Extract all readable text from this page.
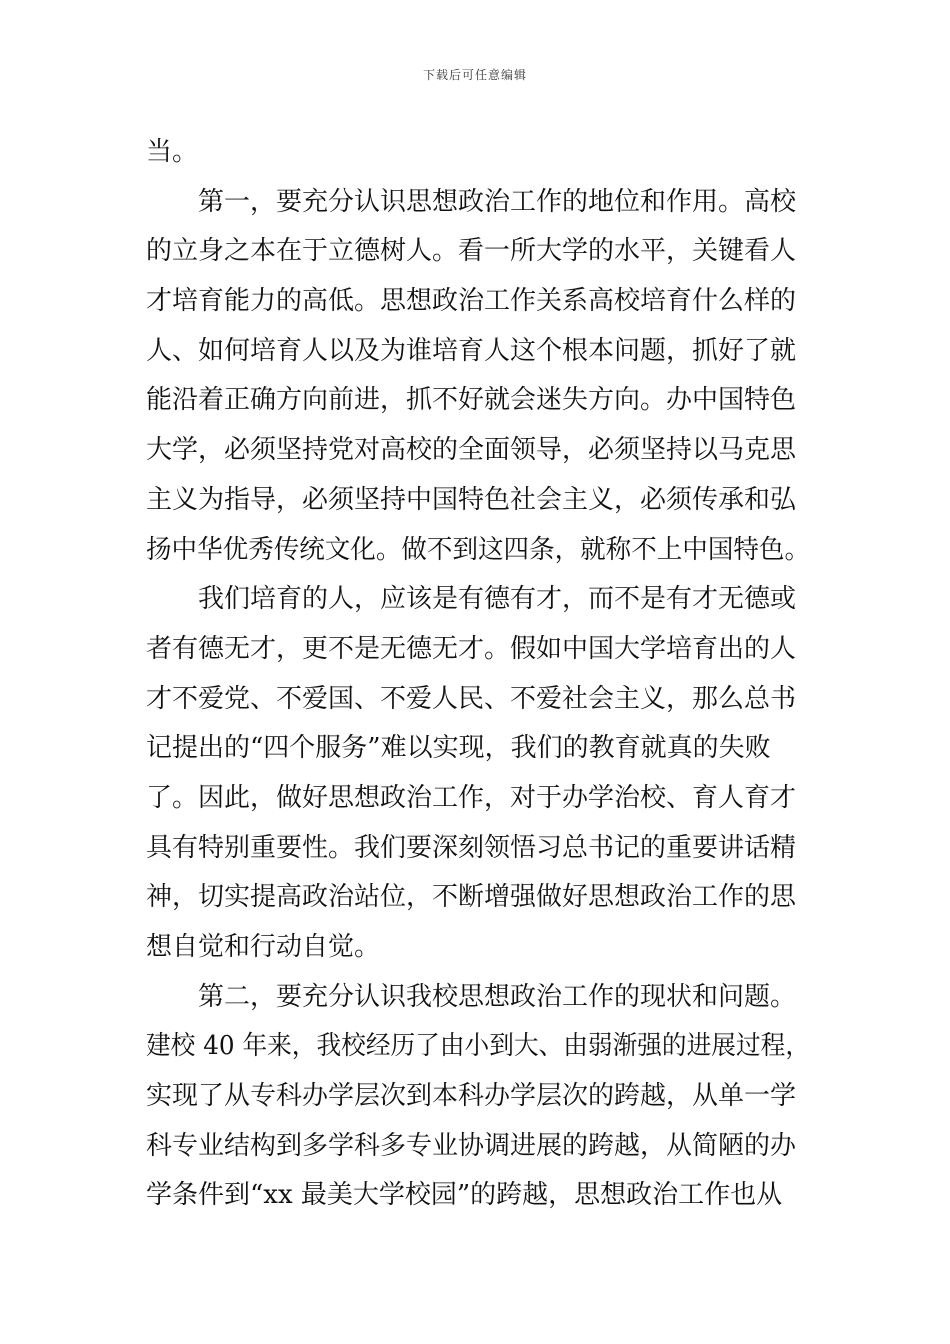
下载后可任意编辑
当。
第一，要充分认识思想政治工作的地位和作用。高校
的立身之本在于立德树人。看一所大学的水平，关键看人
才培育能力的高低。思想政治工作关系高校培育什么样的
人、如何培育人以及为谁培育人这个根本问题，抓好了就
能沿着正确方向前进，抓不好就会迷失方向。办中国特色
大学，必须坚持党对高校的全面领导，必须坚持以马克思
主义为指导，必须坚持中国特色社会主义，必须传承和弘
扬中华优秀传统文化。做不到这四条，就称不上中国特色。
我们培育的人，应该是有德有才，而不是有才无德或
者有德无才，更不是无德无才。假如中国大学培育出的人
才不爱党、不爱国、不爱人民、不爱社会主义，那么总书
记提出的“四个服务”难以实现，我们的教育就真的失败
了。因此，做好思想政治工作，对于办学治校、育人育才
具有特别重要性。我们要深刻领悟习总书记的重要讲话精
神，切实提高政治站位，不断增强做好思想政治工作的思
想自觉和行动自觉。
第二，要充分认识我校思想政治工作的现状和问题。
建校 40 年来，我校经历了由小到大、由弱渐强的进展过程，
实现了从专科办学层次到本科办学层次的跨越，从单一学
科专业结构到多学科多专业协调进展的跨越，从简陋的办
学条件到“xx 最美大学校园”的跨越，思想政治工作也从
